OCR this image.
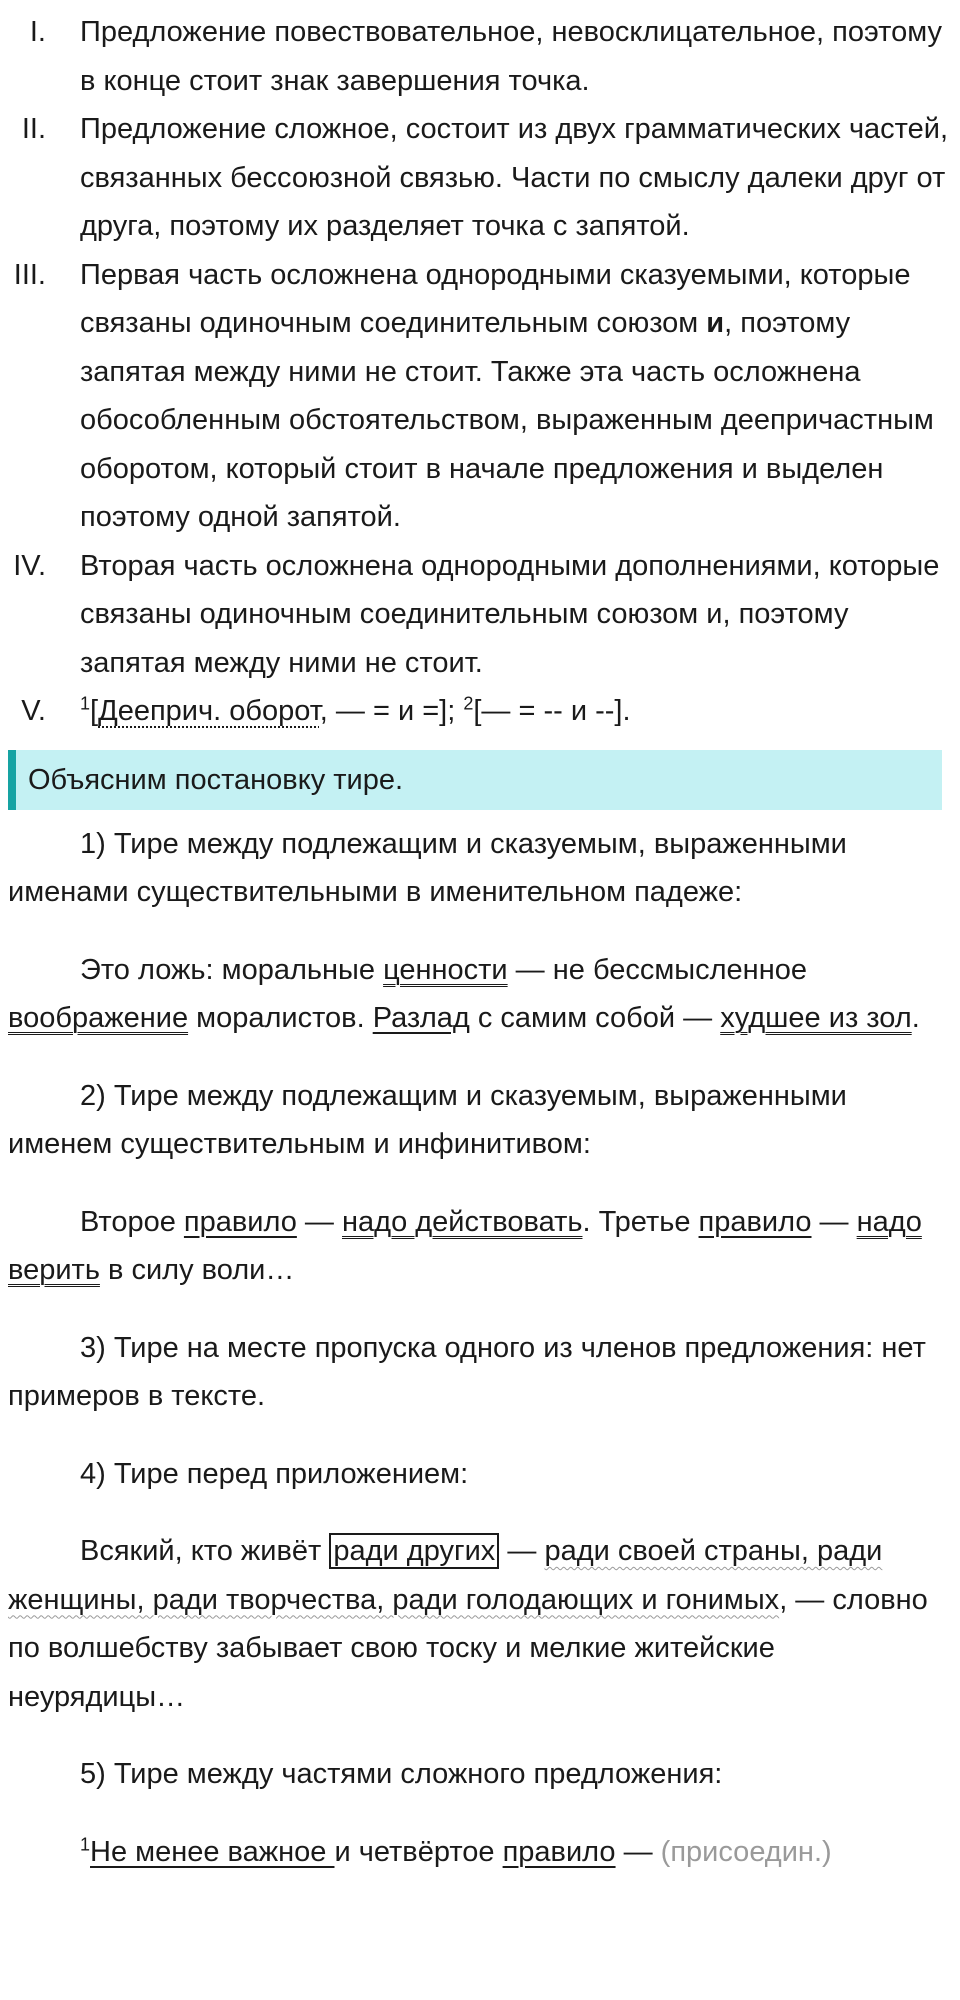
I. Предложение повествовательное, невосклицательное, поэтому в конце стоит знак завершения точка.
II. Предложение сложное, состоит из двух грамматических частей, связанных бессоюзной связью. Части по смыслу далеки друг от друга, поэтому их разделяет точка с запятой.
III. Первая часть осложнена однородными сказуемыми, которые связаны одиночным соединительным союзом и, поэтому запятая между ними не стоит. Также эта часть осложнена обособленным обстоятельством, выраженным деепричастным оборотом, который стоит в начале предложения и выделен поэтому одной запятой.
IV. Вторая часть осложнена однородными дополнениями, которые связаны одиночным соединительным союзом и, поэтому запятая между ними не стоит.
V. $^1$[Дееприч. оборот, — = и =]; $^2$[— = -- и --].
Объясним постановку тире.

1) Тире между подлежащим и сказуемым, выраженными именами существительными в именительном падеже:

Это ложь: моральные ценности — не бессмысленное воображение моралистов. Разлад с самим собой — худшее из зол.

2) Тире между подлежащим и сказуемым, выраженными именем существительным и инфинитивом:

Второе правило — надо действовать. Третье правило — надо верить в силу воли…

3) Тире на месте пропуска одного из членов предложения: нет примеров в тексте.

4) Тире перед приложением:

Всякий, кто живёт ради других — ради своей страны, ради женщины, ради творчества, ради голодающих и гонимых, — словно по волшебству забывает свою тоску и мелкие житейские неурядицы…

5) Тире между частями сложного предложения:

$^1$Не менее важное и четвёртое правило — (присоедин.)
